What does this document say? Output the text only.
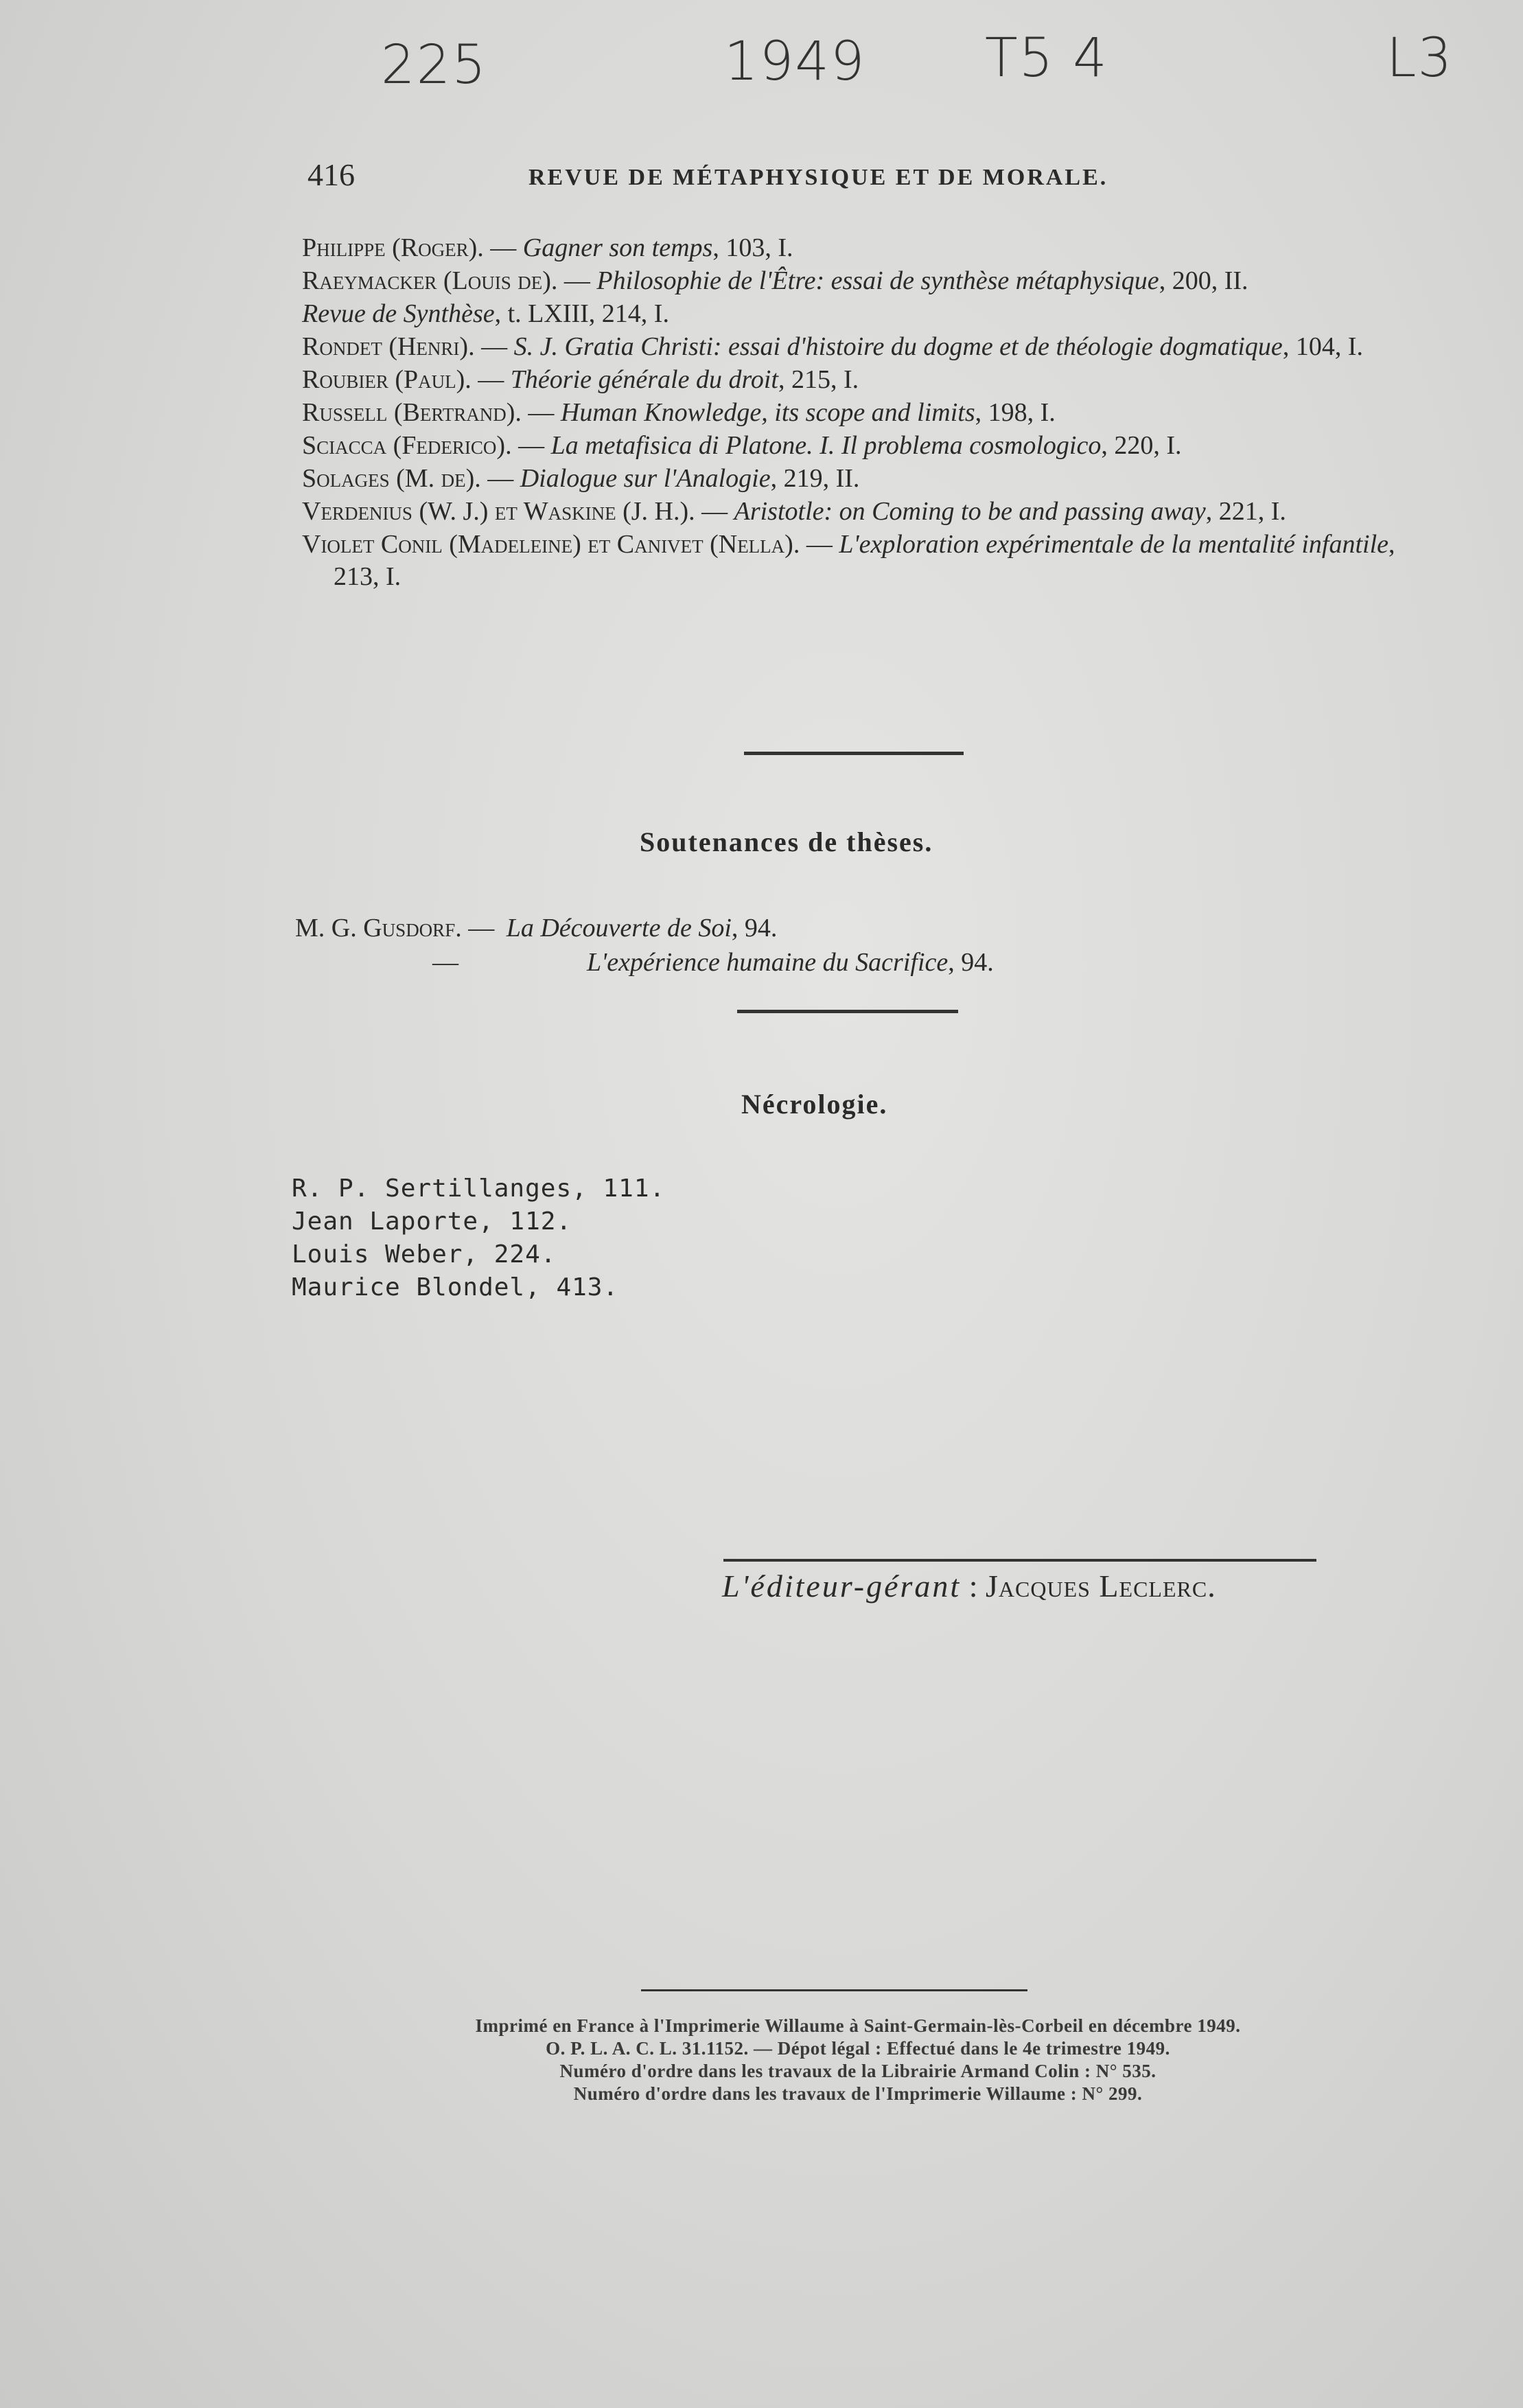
225	1949 T5 4	L3
416	REVUE DE MÉTAPHYSIQUE ET DE MORALE.
Philippe (Roger). — Gagner son temps, 103, I.
Raeymacker (Louis de). — Philosophie de l'Être: essai de synthèse métaphysique, 200, II.
Revue de Synthèse, t. LXIII, 214, I.
Rondet (Henri). — S. J. Gratia Christi: essai d'histoire du dogme et de théologie dogmatique, 104, I.
Roubier (Paul). — Théorie générale du droit, 215, I.
Russell (Bertrand). — Human Knowledge, its scope and limits, 198, I.
Sciacca (Federico). — La metafisica di Platone. I. Il problema cosmologico, 220, I.
Solages (M. de). — Dialogue sur l'Analogie, 219, II.
Verdenius (W. J.) et Waskine (J. H.). — Aristotle: on Coming to be and passing away, 221, I.
Violet Conil (Madeleine) et Canivet (Nella). — L'exploration expérimentale de la mentalité infantile, 213, I.
Soutenances de thèses.
M. G. Gusdorf. — La Découverte de Soi, 94.
—	L'expérience humaine du Sacrifice, 94.
Nécrologie.
R. P. Sertillanges, 111.
Jean Laporte, 112.
Louis Weber, 224.
Maurice Blondel, 413.
L'éditeur-gérant : Jacques Leclerc.
Imprimé en France à l'Imprimerie Willaume à Saint-Germain-lès-Corbeil en décembre 1949.
O. P. L. A. C. L. 31.1152. — Dépot légal : Effectué dans le 4e trimestre 1949.
Numéro d'ordre dans les travaux de la Librairie Armand Colin : N° 535.
Numéro d'ordre dans les travaux de l'Imprimerie Willaume : N° 299.
